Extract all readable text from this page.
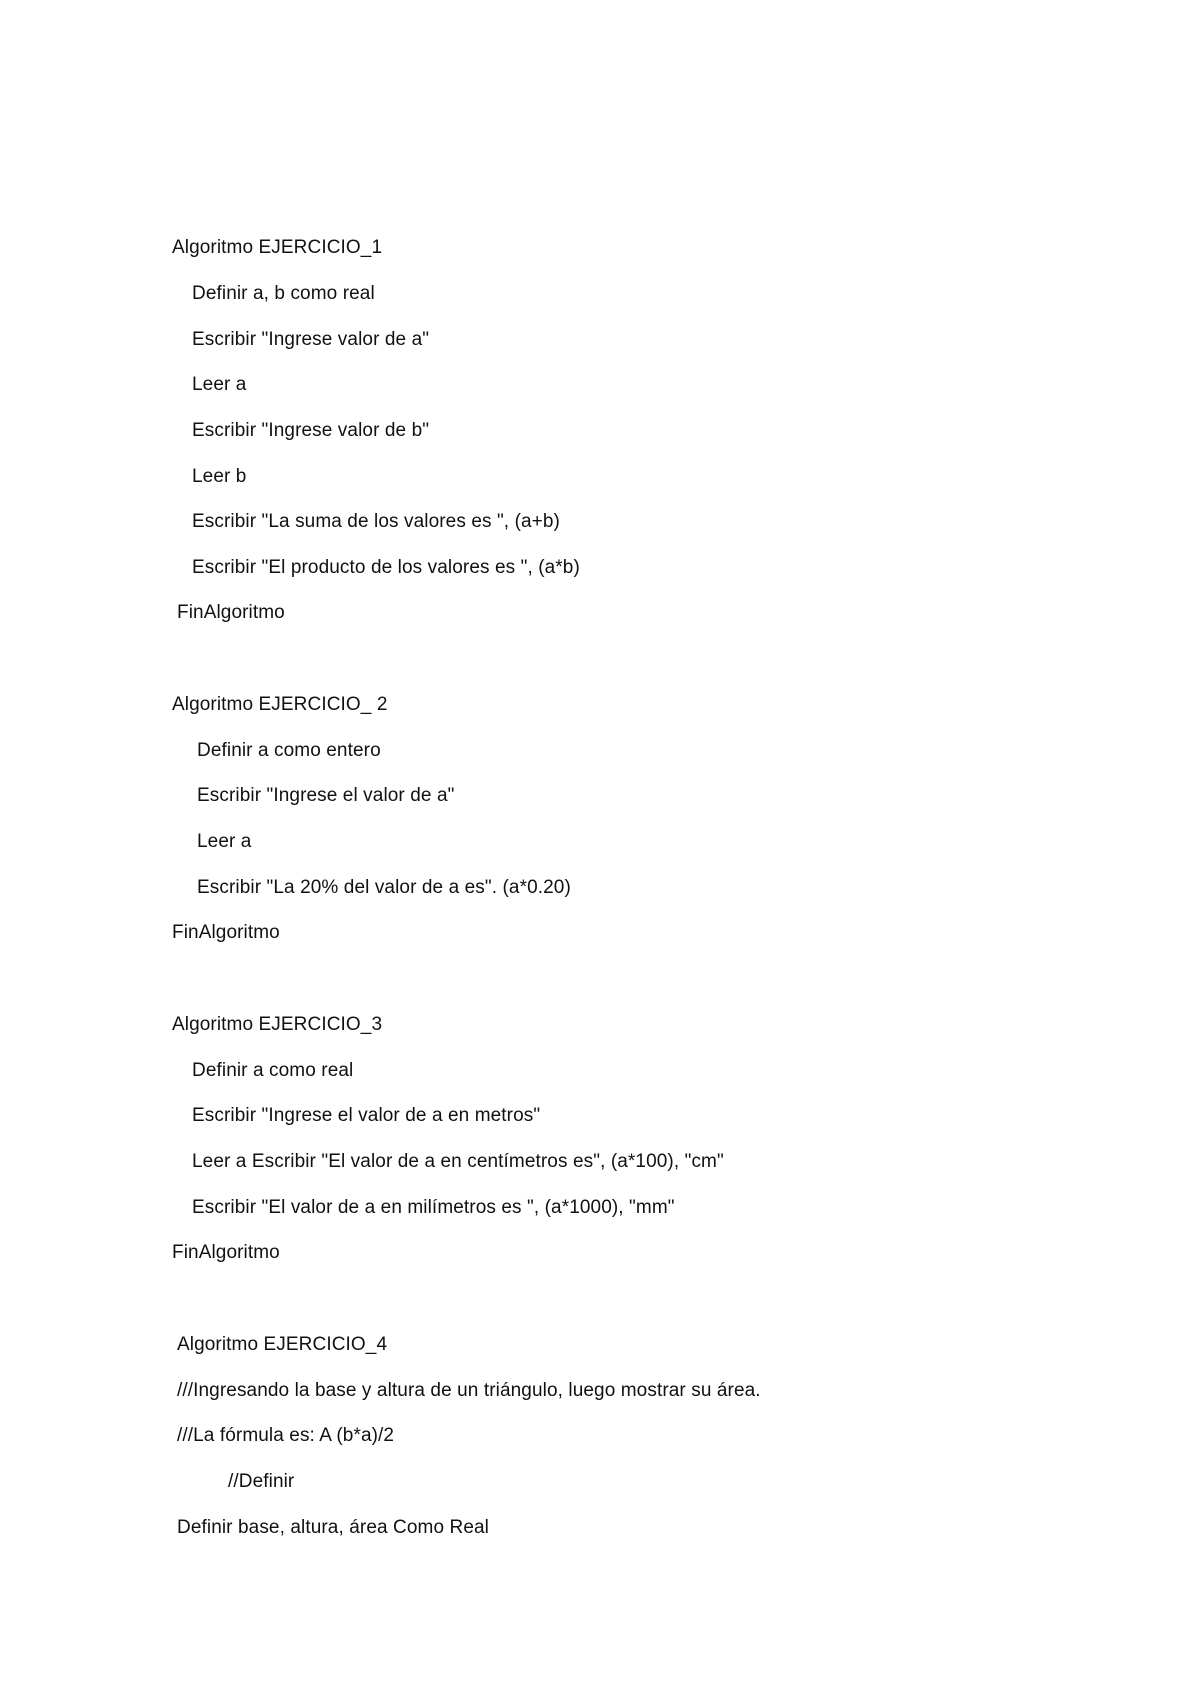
Algoritmo EJERCICIO_1
Definir a, b como real
Escribir "Ingrese valor de a"
Leer a
Escribir "Ingrese valor de b"
Leer b
Escribir "La suma de los valores es ", (a+b)
Escribir "El producto de los valores es ", (a*b)
FinAlgoritmo
Algoritmo EJERCICIO_ 2
Definir a como entero
Escribir "Ingrese el valor de a"
Leer a
Escribir "La 20% del valor de a es". (a*0.20)
FinAlgoritmo
Algoritmo EJERCICIO_3
Definir a como real
Escribir "Ingrese el valor de a en metros"
Leer a Escribir "El valor de a en centímetros es", (a*100), "cm"
Escribir "El valor de a en milímetros es ", (a*1000), "mm"
FinAlgoritmo
Algoritmo EJERCICIO_4
///Ingresando la base y altura de un triángulo, luego mostrar su área.
///La fórmula es: A (b*a)/2
//Definir
Definir base, altura, área Como Real
